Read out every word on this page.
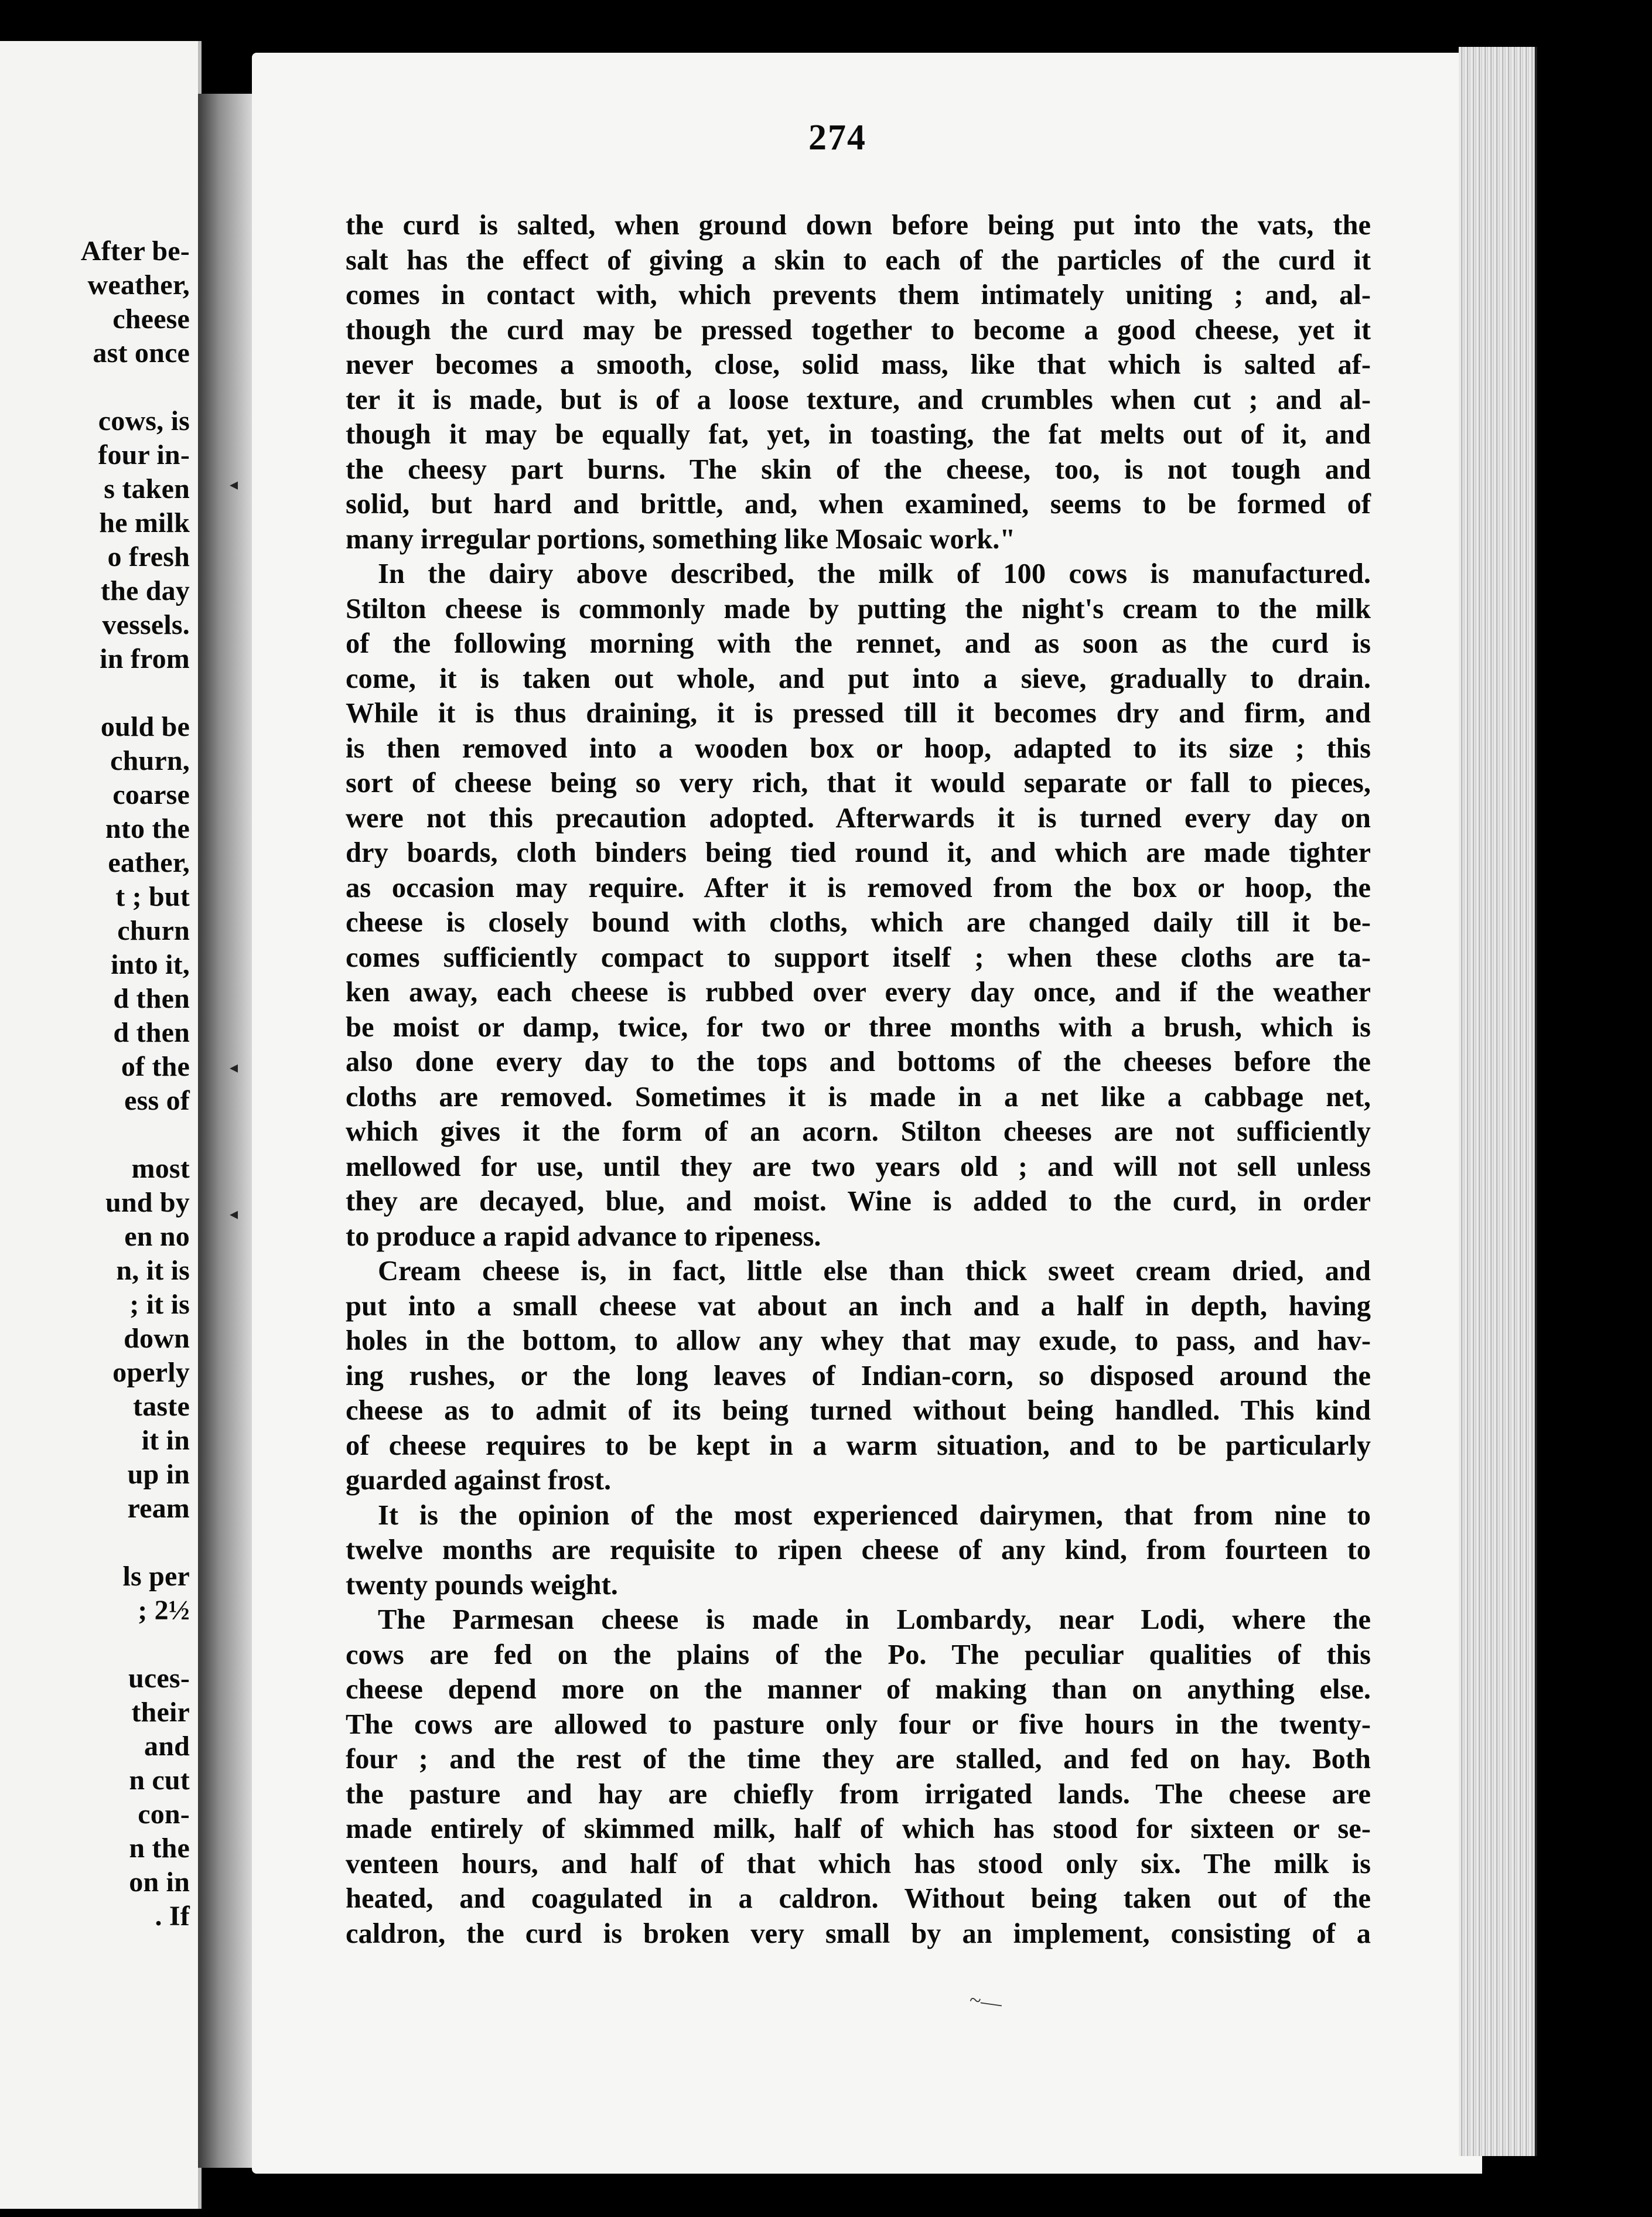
After be-
weather,
cheese
ast once
cows, is
four in-
s taken
he milk
o fresh
the day
vessels.
in from
ould be
churn,
coarse
nto the
eather,
t ; but
churn
into it,
d then
d then
of the
ess of
most
und by
en no
n, it is
; it is
down
operly
taste
it in
up in
ream
ls per
; 2½
uces-
their
and
n cut
con-
n the
on in
. If
274
the curd is salted, when ground down before being put into the vats, the
salt has the effect of giving a skin to each of the particles of the curd it
comes in contact with, which prevents them intimately uniting ; and, al-
though the curd may be pressed together to become a good cheese, yet it
never becomes a smooth, close, solid mass, like that which is salted af-
ter it is made, but is of a loose texture, and crumbles when cut ; and al-
though it may be equally fat, yet, in toasting, the fat melts out of it, and
the cheesy part burns. The skin of the cheese, too, is not tough and
solid, but hard and brittle, and, when examined, seems to be formed of
many irregular portions, something like Mosaic work."
In the dairy above described, the milk of 100 cows is manufactured.
Stilton cheese is commonly made by putting the night's cream to the milk
of the following morning with the rennet, and as soon as the curd is
come, it is taken out whole, and put into a sieve, gradually to drain.
While it is thus draining, it is pressed till it becomes dry and firm, and
is then removed into a wooden box or hoop, adapted to its size ; this
sort of cheese being so very rich, that it would separate or fall to pieces,
were not this precaution adopted. Afterwards it is turned every day on
dry boards, cloth binders being tied round it, and which are made tighter
as occasion may require. After it is removed from the box or hoop, the
cheese is closely bound with cloths, which are changed daily till it be-
comes sufficiently compact to support itself ; when these cloths are ta-
ken away, each cheese is rubbed over every day once, and if the weather
be moist or damp, twice, for two or three months with a brush, which is
also done every day to the tops and bottoms of the cheeses before the
cloths are removed. Sometimes it is made in a net like a cabbage net,
which gives it the form of an acorn. Stilton cheeses are not sufficiently
mellowed for use, until they are two years old ; and will not sell unless
they are decayed, blue, and moist. Wine is added to the curd, in order
to produce a rapid advance to ripeness.
Cream cheese is, in fact, little else than thick sweet cream dried, and
put into a small cheese vat about an inch and a half in depth, having
holes in the bottom, to allow any whey that may exude, to pass, and hav-
ing rushes, or the long leaves of Indian-corn, so disposed around the
cheese as to admit of its being turned without being handled. This kind
of cheese requires to be kept in a warm situation, and to be particularly
guarded against frost.
It is the opinion of the most experienced dairymen, that from nine to
twelve months are requisite to ripen cheese of any kind, from fourteen to
twenty pounds weight.
The Parmesan cheese is made in Lombardy, near Lodi, where the
cows are fed on the plains of the Po. The peculiar qualities of this
cheese depend more on the manner of making than on anything else.
The cows are allowed to pasture only four or five hours in the twenty-
four ; and the rest of the time they are stalled, and fed on hay. Both
the pasture and hay are chiefly from irrigated lands. The cheese are
made entirely of skimmed milk, half of which has stood for sixteen or se-
venteen hours, and half of that which has stood only six. The milk is
heated, and coagulated in a caldron. Without being taken out of the
caldron, the curd is broken very small by an implement, consisting of a
◂
◂
◂
~—
